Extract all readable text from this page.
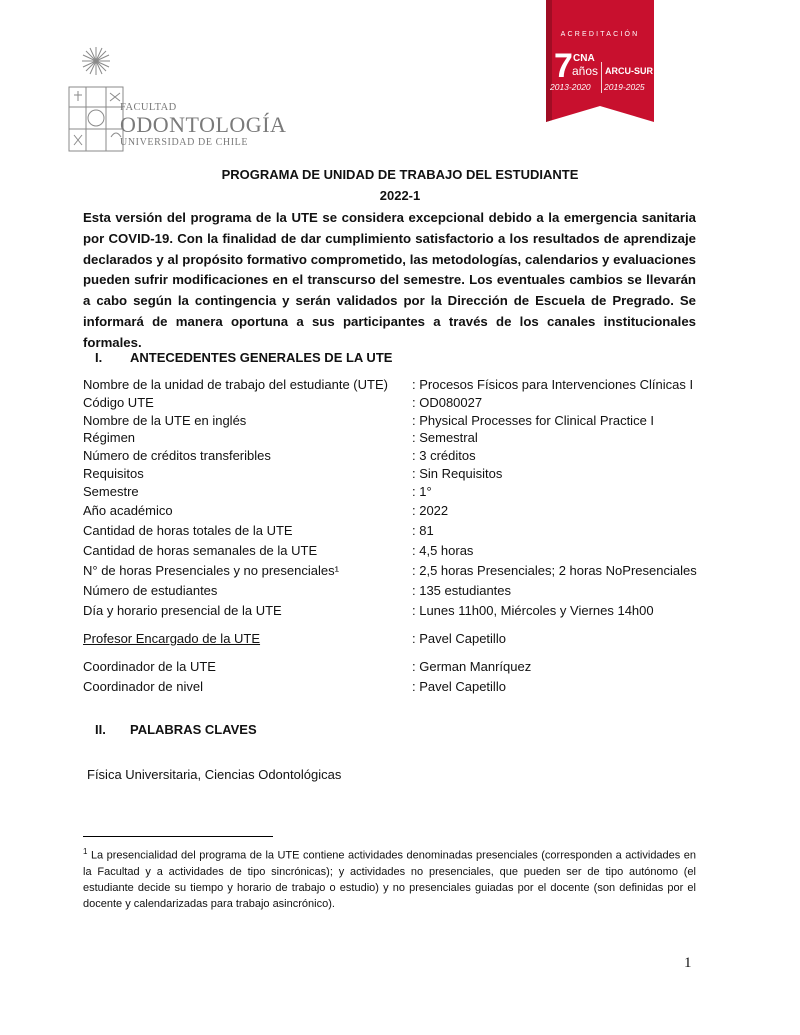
FACULTAD
ODONTOLOGÍA
UNIVERSIDAD DE CHILE
ACREDITACIÓN
7 CNA
años
2013-2020
ARCU-SUR
2019-2025
PROGRAMA DE UNIDAD DE TRABAJO DEL ESTUDIANTE
2022-1
Esta versión del programa de la UTE se considera excepcional debido a la emergencia sanitaria por COVID-19. Con la finalidad de dar cumplimiento satisfactorio a los resultados de aprendizaje declarados y al propósito formativo comprometido, las metodologías, calendarios y evaluaciones pueden sufrir modificaciones en el transcurso del semestre. Los eventuales cambios se llevarán a cabo según la contingencia y serán validados por la Dirección de Escuela de Pregrado. Se informará de manera oportuna a sus participantes a través de los canales institucionales formales.
I. ANTECEDENTES GENERALES DE LA UTE
Nombre de la unidad de trabajo del estudiante (UTE) : Procesos Físicos para Intervenciones Clínicas I
Código UTE	: OD080027
Nombre de la UTE en inglés	: Physical Processes for Clinical Practice I
Régimen	: Semestral
Número de créditos transferibles	: 3 créditos
Requisitos	: Sin Requisitos
Semestre	: 1°
Año académico	: 2022
Cantidad de horas totales de la UTE	: 81
Cantidad de horas semanales de la UTE	: 4,5 horas
N° de horas Presenciales y no presenciales¹	: 2,5 horas Presenciales; 2 horas NoPresenciales
Número de estudiantes	: 135 estudiantes
Día y horario presencial de la UTE	: Lunes 11h00, Miércoles y Viernes 14h00
Profesor Encargado de la UTE	: Pavel Capetillo
Coordinador de la UTE	: German Manríquez
Coordinador de nivel	: Pavel Capetillo
II. PALABRAS CLAVES
Física Universitaria, Ciencias Odontológicas
$^1$ La presencialidad del programa de la UTE contiene actividades denominadas presenciales (corresponden a actividades en la Facultad y a actividades de tipo sincrónicas); y actividades no presenciales, que pueden ser de tipo autónomo (el estudiante decide su tiempo y horario de trabajo o estudio) y no presenciales guiadas por el docente (son definidas por el docente y calendarizadas para trabajo asincrónico).
1
